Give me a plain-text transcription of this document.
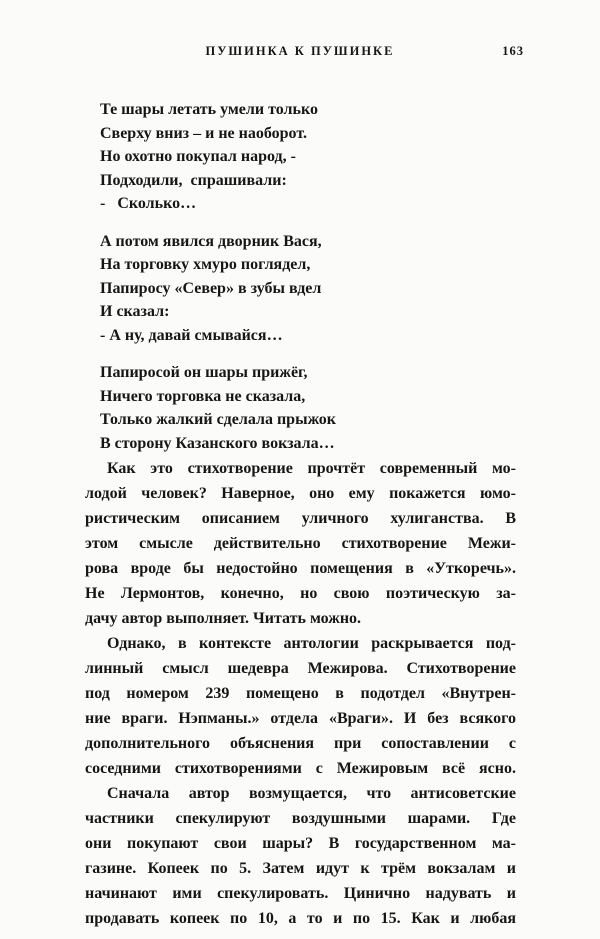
ПУШИНКА К ПУШИНКЕ	163
Те шары летать умели только
Сверху вниз – и не наоборот.
Но охотно покупал народ, -
Подходили,  спрашивали:
-   Сколько…
А потом явился дворник Вася,
На торговку хмуро поглядел,
Папиросу «Север» в зубы вдел
И сказал:
- А ну, давай смывайся…
Папиросой он шары прижёг,
Ничего торговка не сказала,
Только жалкий сделала прыжок
В сторону Казанского вокзала…
Как это стихотворение прочтёт современный мо-
лодой человек? Наверное, оно ему покажется юмо-
ристическим описанием уличного хулиганства. В
этом смысле действительно стихотворение Межи-
рова вроде бы недостойно помещения в «Уткоречь».
Не Лермонтов, конечно, но свою поэтическую за-
дачу автор выполняет. Читать можно.
Однако, в контексте антологии раскрывается под-
линный смысл шедевра Межирова. Стихотворение
под номером 239 помещено в подотдел «Внутрен-
ние враги. Нэпманы.» отдела «Враги». И без всякого
дополнительного объяснения при сопоставлении с
соседними стихотворениями с Межировым всё ясно.
Сначала автор возмущается, что антисоветские
частники спекулируют воздушными шарами. Где
они покупают свои шары? В государственном ма-
газине. Копеек по 5. Затем идут к трём вокзалам и
начинают ими спекулировать. Цинично надувать и
продавать копеек по 10, а то и по 15. Как и любая
